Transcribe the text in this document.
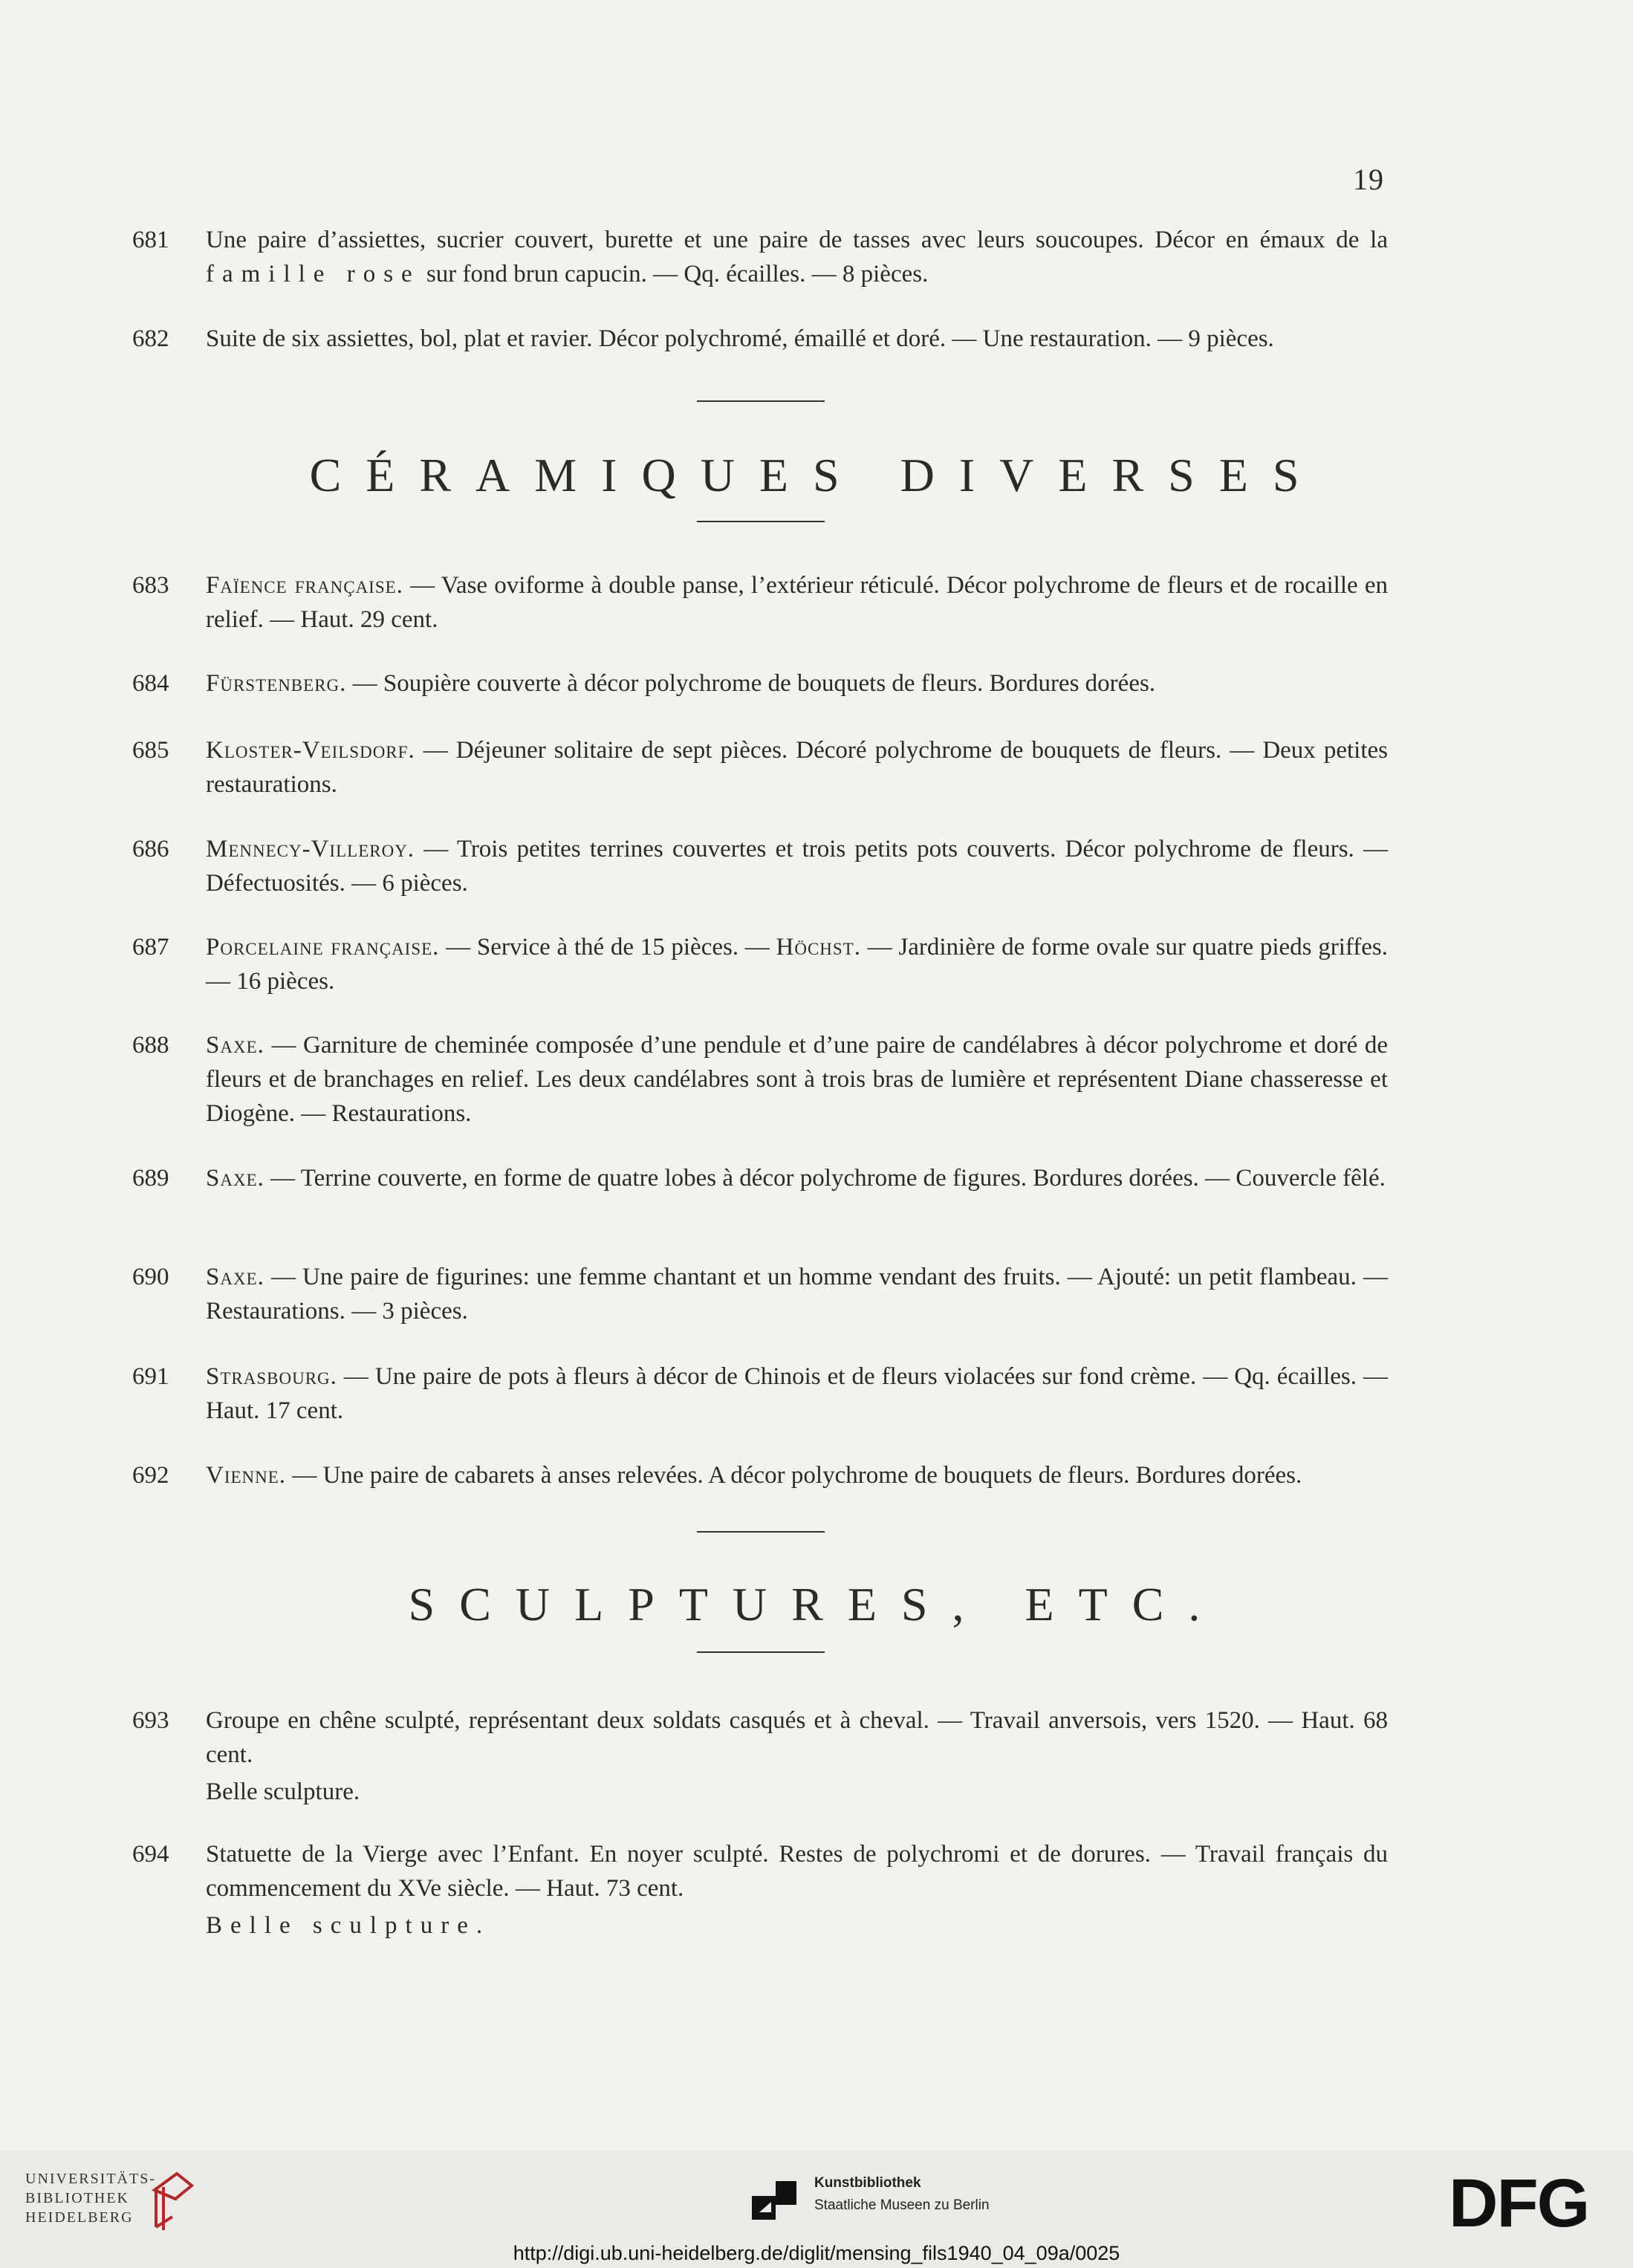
19
681	Une paire d’assiettes, sucrier couvert, burette et une paire de tasses avec leurs soucoupes. Décor en émaux de la famille rose sur fond brun capucin. — Qq. écailles. — 8 pièces.
682	Suite de six assiettes, bol, plat et ravier. Décor polychromé, émaillé et doré. — Une restauration. — 9 pièces.
CÉRAMIQUES DIVERSES
683	Faïence française. — Vase oviforme à double panse, l’extérieur réticulé. Décor polychrome de fleurs et de rocaille en relief. — Haut. 29 cent.
684	Fürstenberg. — Soupière couverte à décor polychrome de bouquets de fleurs. Bordures dorées.
685	Kloster-Veilsdorf. — Déjeuner solitaire de sept pièces. Décoré polychrome de bouquets de fleurs. — Deux petites restaurations.
686	Mennecy-Villeroy. — Trois petites terrines couvertes et trois petits pots couverts. Décor polychrome de fleurs. — Défectuosités. — 6 pièces.
687	Porcelaine française. — Service à thé de 15 pièces. — Höchst. — Jardinière de forme ovale sur quatre pieds griffes. — 16 pièces.
688	Saxe. — Garniture de cheminée composée d’une pendule et d’une paire de candélabres à décor polychrome et doré de fleurs et de branchages en relief. Les deux candélabres sont à trois bras de lumière et représentent Diane chasseresse et Diogène. — Restaurations.
689	Saxe. — Terrine couverte, en forme de quatre lobes à décor polychrome de figures. Bordures dorées. — Couvercle fêlé.
690	Saxe. — Une paire de figurines: une femme chantant et un homme vendant des fruits. — Ajouté: un petit flambeau. — Restaurations. — 3 pièces.
691	Strasbourg. — Une paire de pots à fleurs à décor de Chinois et de fleurs violacées sur fond crème. — Qq. écailles. — Haut. 17 cent.
692	Vienne. — Une paire de cabarets à anses relevées. A décor polychrome de bouquets de fleurs. Bordures dorées.
SCULPTURES, ETC.
693	Groupe en chêne sculpté, représentant deux soldats casqués et à cheval. — Travail anversois, vers 1520. — Haut. 68 cent.
Belle sculpture.
694	Statuette de la Vierge avec l’Enfant. En noyer sculpté. Restes de polychromi et de dorures. — Travail français du commencement du XVe siècle. — Haut. 73 cent.
Belle sculpture.
UNIVERSITÄTS-
BIBLIOTHEK
HEIDELBERG
Kunstbibliothek
Staatliche Museen zu Berlin	DFG
http://digi.ub.uni-heidelberg.de/diglit/mensing_fils1940_04_09a/0025
